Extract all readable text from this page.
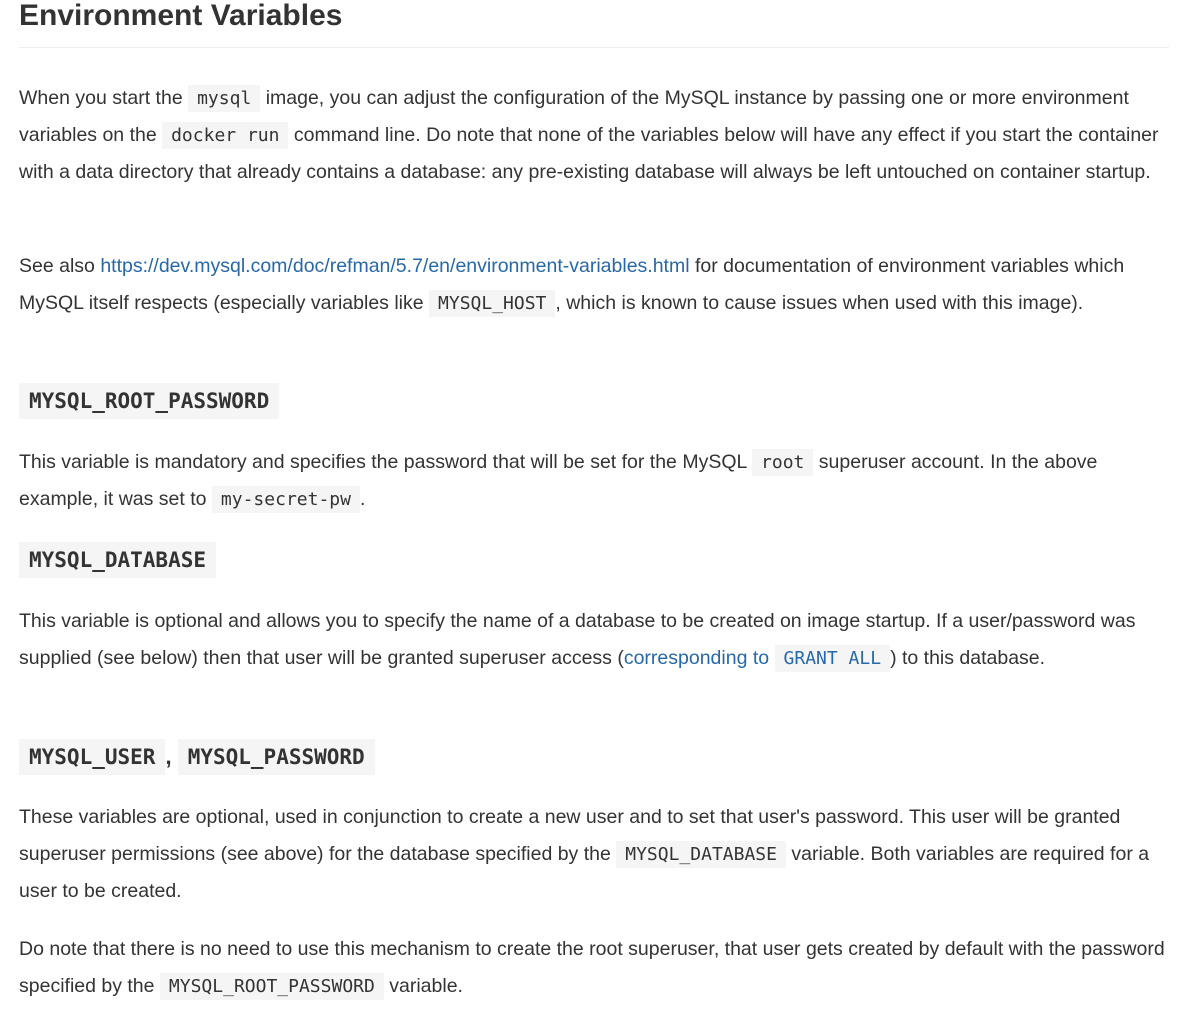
Environment Variables

When you start the mysql image, you can adjust the configuration of the MySQL instance by passing one or more environment variables on the docker run command line. Do note that none of the variables below will have any effect if you start the container with a data directory that already contains a database: any pre-existing database will always be left untouched on container startup.

See also https://dev.mysql.com/doc/refman/5.7/en/environment-variables.html for documentation of environment variables which MySQL itself respects (especially variables like MYSQL_HOST , which is known to cause issues when used with this image).

MYSQL_ROOT_PASSWORD

This variable is mandatory and specifies the password that will be set for the MySQL root superuser account. In the above example, it was set to my-secret-pw .

MYSQL_DATABASE

This variable is optional and allows you to specify the name of a database to be created on image startup. If a user/password was supplied (see below) then that user will be granted superuser access (corresponding to GRANT ALL ) to this database.

MYSQL_USER , MYSQL_PASSWORD

These variables are optional, used in conjunction to create a new user and to set that user's password. This user will be granted superuser permissions (see above) for the database specified by the MYSQL_DATABASE variable. Both variables are required for a user to be created.

Do note that there is no need to use this mechanism to create the root superuser, that user gets created by default with the password specified by the MYSQL_ROOT_PASSWORD variable.
